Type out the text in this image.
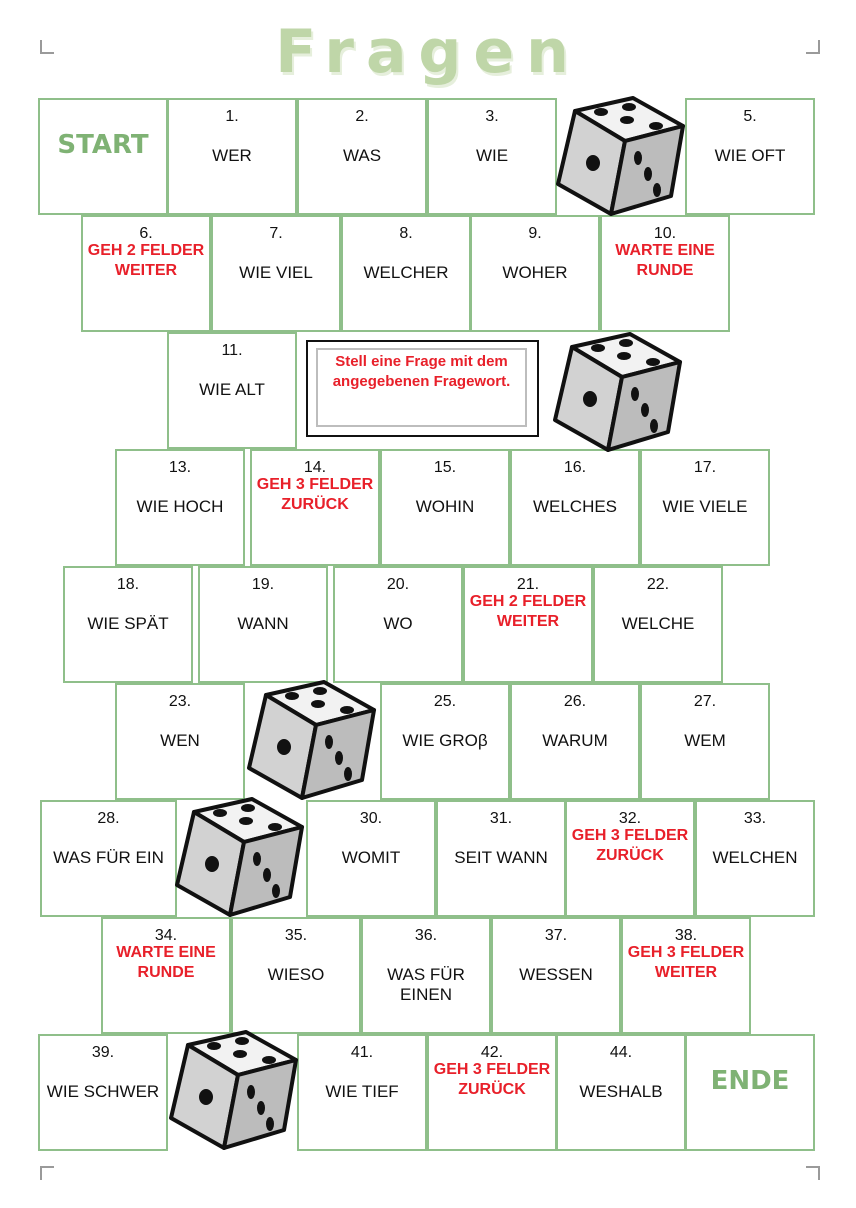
Fragen
START
1.
WER
2.
WAS
3.
WIE
5.
WIE OFT
6.
GEH 2 FELDER WEITER
7.
WIE VIEL
8.
WELCHER
9.
WOHER
10.
WARTE EINE RUNDE
11.
WIE ALT
13.
WIE HOCH
14.
GEH 3 FELDER ZURÜCK
15.
WOHIN
16.
WELCHES
17.
WIE VIELE
18.
WIE SPÄT
19.
WANN
20.
WO
21.
GEH 2 FELDER WEITER
22.
WELCHE
23.
WEN
25.
WIE GROβ
26.
WARUM
27.
WEM
28.
WAS FÜR EIN
30.
WOMIT
31.
SEIT WANN
32.
GEH 3 FELDER ZURÜCK
33.
WELCHEN
34.
WARTE EINE RUNDE
35.
WIESO
36.
WAS FÜR EINEN
37.
WESSEN
38.
GEH 3 FELDER WEITER
39.
WIE SCHWER
41.
WIE TIEF
42.
GEH 3 FELDER ZURÜCK
44.
WESHALB	ENDE
Stell eine Frage mit dem angegebenen Fragewort.
